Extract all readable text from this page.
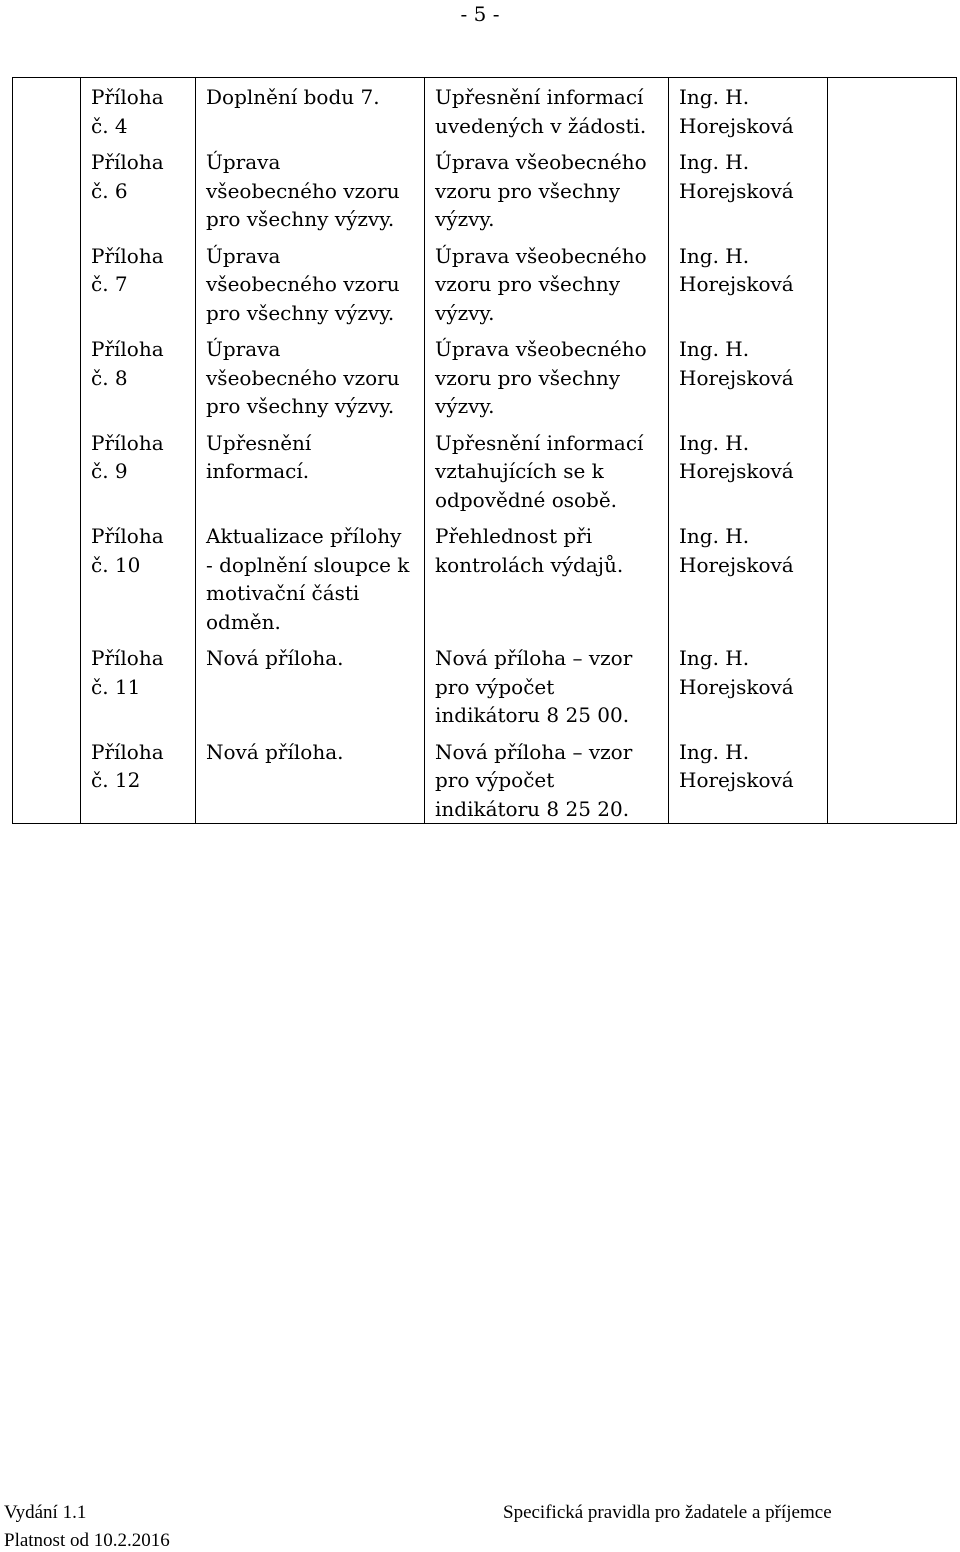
- 5 -
	Příloha č. 4	Doplnění bodu 7.	Upřesnění informací uvedených v žádosti.	Ing. H. Horejsková	
	Příloha č. 6	Úprava všeobecného vzoru pro všechny výzvy.	Úprava všeobecného vzoru pro všechny výzvy.	Ing. H. Horejsková	
	Příloha č. 7	Úprava všeobecného vzoru pro všechny výzvy.	Úprava všeobecného vzoru pro všechny výzvy.	Ing. H. Horejsková	
	Příloha č. 8	Úprava všeobecného vzoru pro všechny výzvy.	Úprava všeobecného vzoru pro všechny výzvy.	Ing. H. Horejsková	
	Příloha č. 9	Upřesnění informací.	Upřesnění informací vztahujících se k odpovědné osobě.	Ing. H. Horejsková	
	Příloha č. 10	Aktualizace přílohy - doplnění sloupce k motivační části odměn.	Přehlednost při kontrolách výdajů.	Ing. H. Horejsková	
	Příloha č. 11	Nová příloha.	Nová příloha – vzor pro výpočet indikátoru 8 25 00.	Ing. H. Horejsková	
	Příloha č. 12	Nová příloha.	Nová příloha – vzor pro výpočet indikátoru 8 25 20.	Ing. H. Horejsková	
Vydání 1.1	Specifická pravidla pro žadatele a příjemce
Platnost od 10.2.2016
